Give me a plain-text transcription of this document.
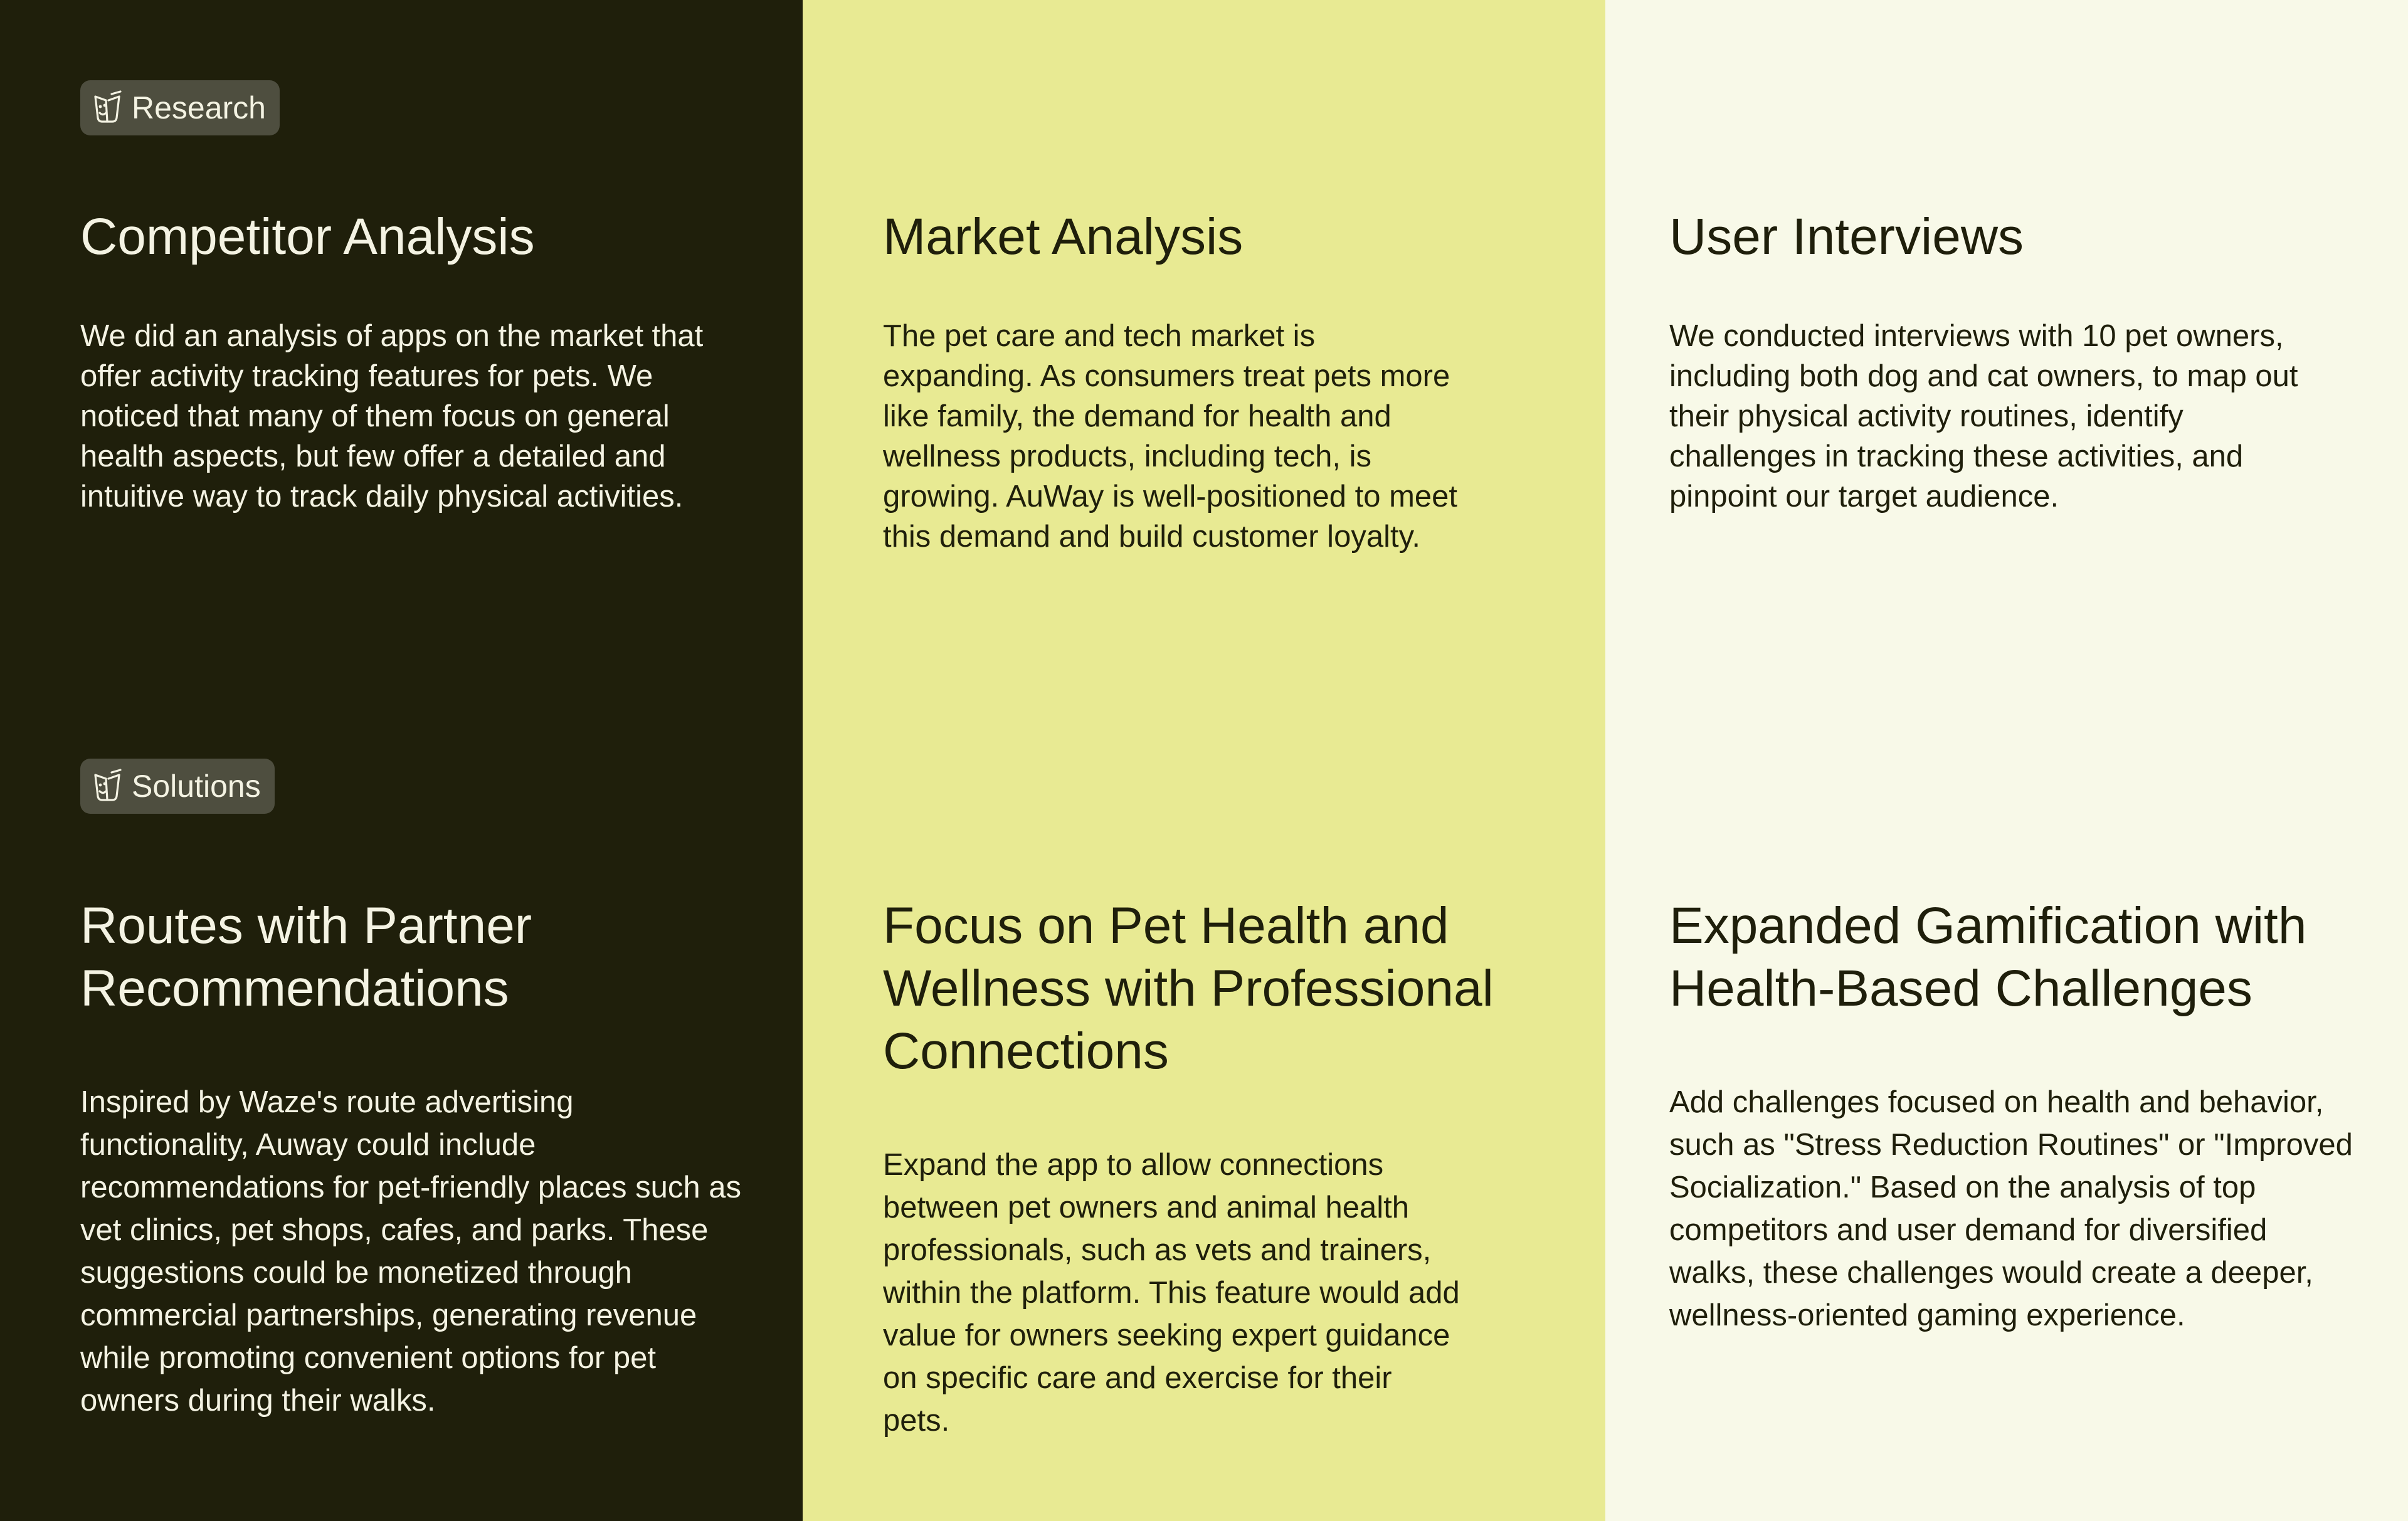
Research
Competitor Analysis

We did an analysis of apps on the market that offer activity tracking features for pets. We noticed that many of them focus on general health aspects, but few offer a detailed and intuitive way to track daily physical activities.

Solutions
Routes with Partner Recommendations

Inspired by Waze's route advertising functionality, Auway could include recommendations for pet-friendly places such as vet clinics, pet shops, cafes, and parks. These suggestions could be monetized through commercial partnerships, generating revenue while promoting convenient options for pet owners during their walks.

Market Analysis

The pet care and tech market is expanding. As consumers treat pets more like family, the demand for health and wellness products, including tech, is growing. AuWay is well-positioned to meet this demand and build customer loyalty.

Focus on Pet Health and Wellness with Professional Connections

Expand the app to allow connections between pet owners and animal health professionals, such as vets and trainers, within the platform. This feature would add value for owners seeking expert guidance on specific care and exercise for their pets.

User Interviews

We conducted interviews with 10 pet owners, including both dog and cat owners, to map out their physical activity routines, identify challenges in tracking these activities, and pinpoint our target audience.

Expanded Gamification with Health-Based Challenges

Add challenges focused on health and behavior, such as "Stress Reduction Routines" or "Improved Socialization." Based on the analysis of top competitors and user demand for diversified walks, these challenges would create a deeper, wellness-oriented gaming experience.
